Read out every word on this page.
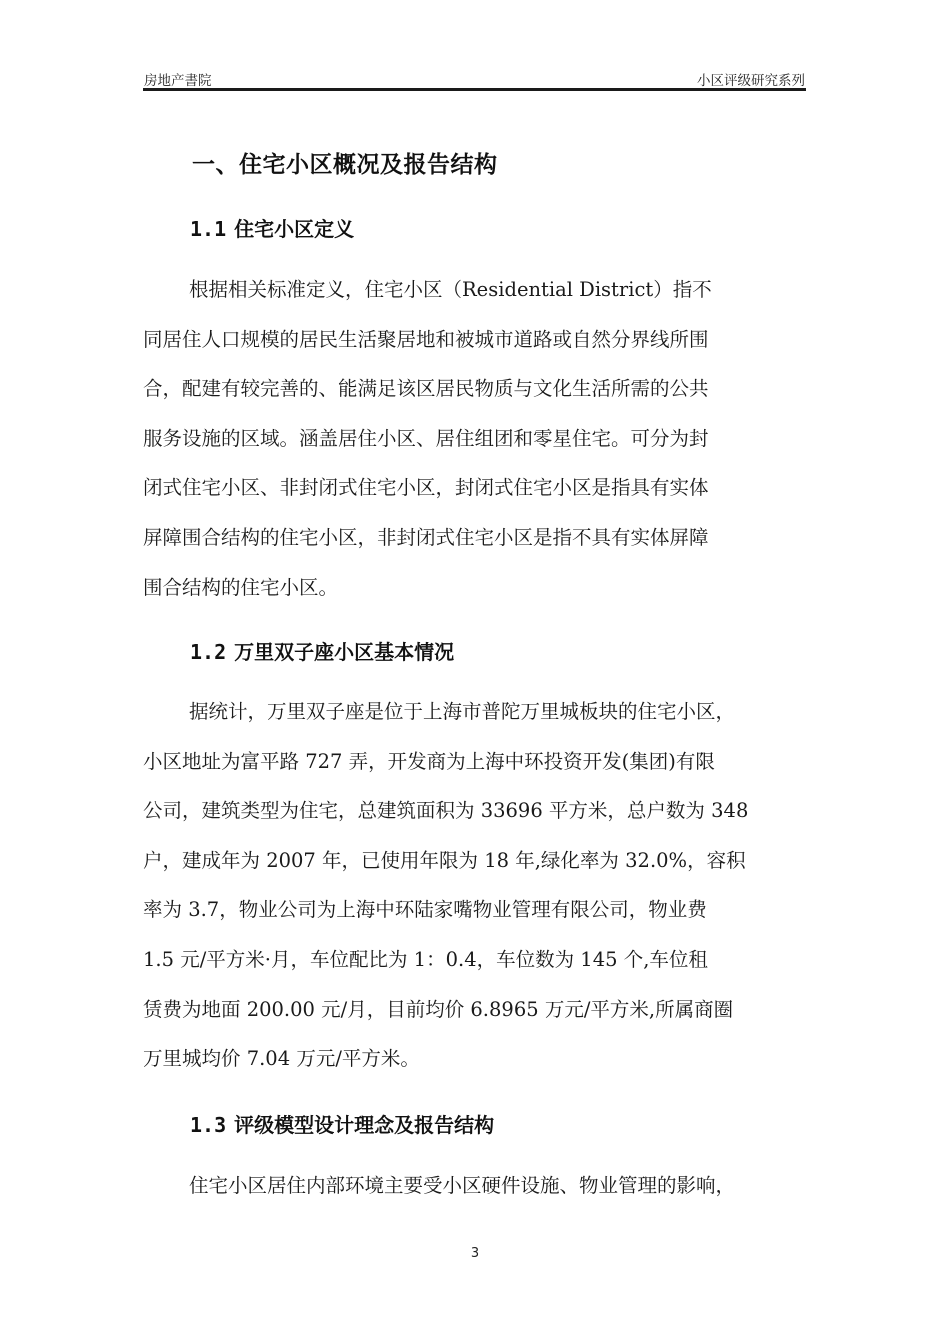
房地产書院	小区评级研究系列
一、住宅小区概况及报告结构
1.1 住宅小区定义
根据相关标准定义，住宅小区（Residential District）指不
同居住人口规模的居民生活聚居地和被城市道路或自然分界线所围
合，配建有较完善的、能满足该区居民物质与文化生活所需的公共
服务设施的区域。涵盖居住小区、居住组团和零星住宅。可分为封
闭式住宅小区、非封闭式住宅小区，封闭式住宅小区是指具有实体
屏障围合结构的住宅小区，非封闭式住宅小区是指不具有实体屏障
围合结构的住宅小区。
1.2 万里双子座小区基本情况
据统计，万里双子座是位于上海市普陀万里城板块的住宅小区，
小区地址为富平路 727 弄，开发商为上海中环投资开发(集团)有限
公司，建筑类型为住宅，总建筑面积为 33696 平方米，总户数为 348
户，建成年为 2007 年，已使用年限为 18 年,绿化率为 32.0%，容积
率为 3.7，物业公司为上海中环陆家嘴物业管理有限公司，物业费
1.5 元/平方米·月，车位配比为 1：0.4，车位数为 145 个,车位租
赁费为地面 200.00 元/月，目前均价 6.8965 万元/平方米,所属商圈
万里城均价 7.04 万元/平方米。
1.3 评级模型设计理念及报告结构
住宅小区居住内部环境主要受小区硬件设施、物业管理的影响，
3
